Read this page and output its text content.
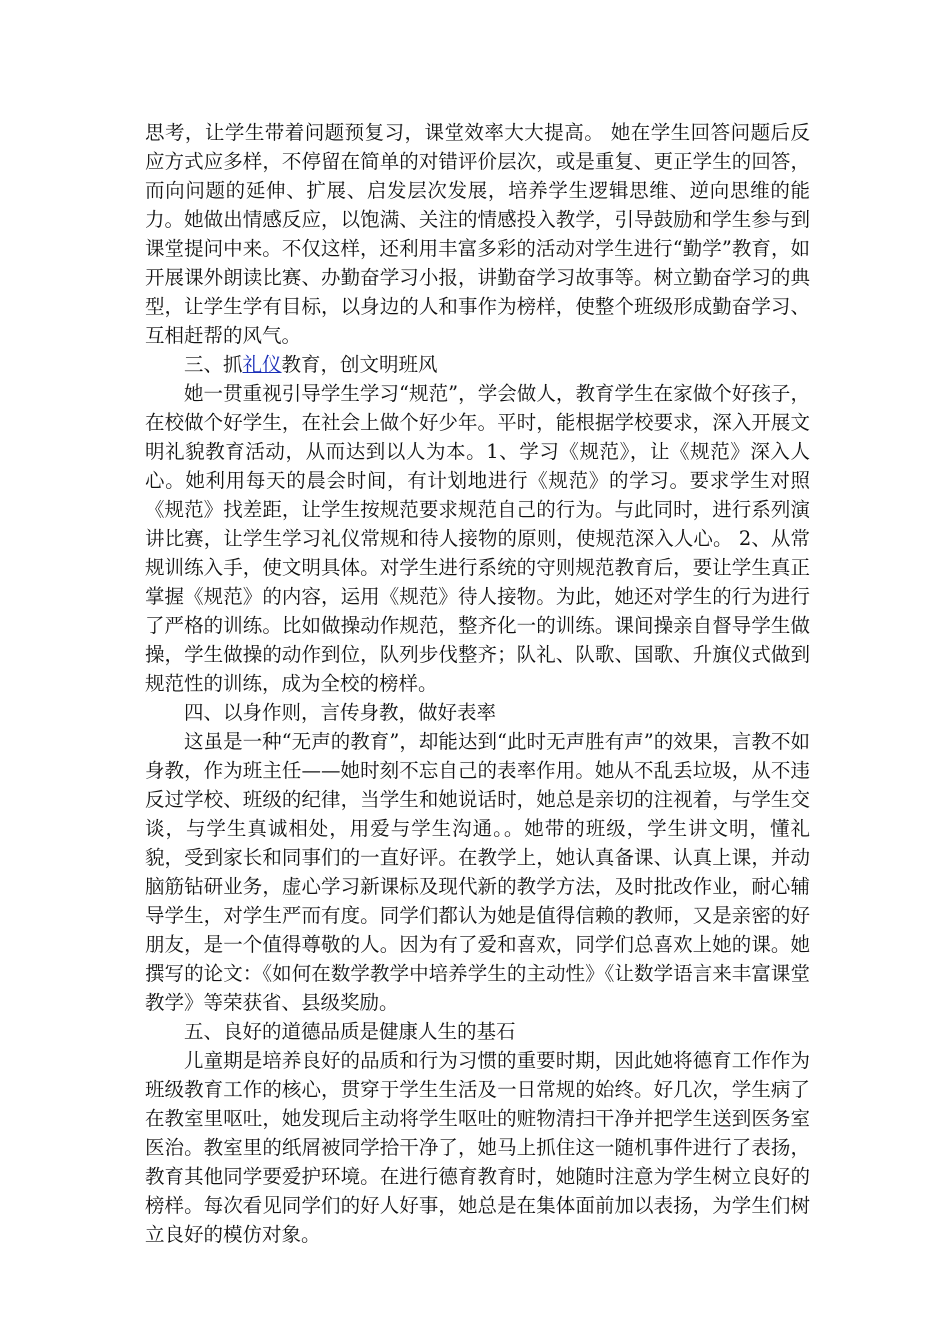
思考，让学生带着问题预复习，课堂效率大大提高。 她在学生回答问题后反应方式应多样，不停留在简单的对错评价层次，或是重复、更正学生的回答，而向问题的延伸、扩展、启发层次发展，培养学生逻辑思维、逆向思维的能力。她做出情感反应，以饱满、关注的情感投入教学，引导鼓励和学生参与到课堂提问中来。不仅这样，还利用丰富多彩的活动对学生进行“勤学”教育，如开展课外朗读比赛、办勤奋学习小报，讲勤奋学习故事等。树立勤奋学习的典型，让学生学有目标，以身边的人和事作为榜样，使整个班级形成勤奋学习、互相赶帮的风气。

三、抓礼仪教育，创文明班风

她一贯重视引导学生学习“规范”，学会做人，教育学生在家做个好孩子，在校做个好学生，在社会上做个好少年。平时，能根据学校要求，深入开展文明礼貌教育活动，从而达到以人为本。1、学习《规范》，让《规范》深入人心。她利用每天的晨会时间，有计划地进行《规范》的学习。要求学生对照《规范》找差距，让学生按规范要求规范自己的行为。与此同时，进行系列演讲比赛，让学生学习礼仪常规和待人接物的原则，使规范深入人心。 2、从常规训练入手，使文明具体。对学生进行系统的守则规范教育后，要让学生真正掌握《规范》的内容，运用《规范》待人接物。为此，她还对学生的行为进行了严格的训练。比如做操动作规范，整齐化一的训练。课间操亲自督导学生做操，学生做操的动作到位，队列步伐整齐；队礼、队歌、国歌、升旗仪式做到规范性的训练，成为全校的榜样。

四、以身作则，言传身教，做好表率

这虽是一种“无声的教育”，却能达到“此时无声胜有声”的效果，言教不如身教，作为班主任——她时刻不忘自己的表率作用。她从不乱丢垃圾，从不违反过学校、班级的纪律，当学生和她说话时，她总是亲切的注视着，与学生交谈，与学生真诚相处，用爱与学生沟通。。她带的班级，学生讲文明，懂礼貌，受到家长和同事们的一直好评。在教学上，她认真备课、认真上课，并动脑筋钻研业务，虚心学习新课标及现代新的教学方法，及时批改作业，耐心辅导学生，对学生严而有度。同学们都认为她是值得信赖的教师，又是亲密的好朋友，是一个值得尊敬的人。因为有了爱和喜欢，同学们总喜欢上她的课。她撰写的论文：《如何在数学教学中培养学生的主动性》《让数学语言来丰富课堂教学》等荣获省、县级奖励。

五、良好的道德品质是健康人生的基石

儿童期是培养良好的品质和行为习惯的重要时期，因此她将德育工作作为班级教育工作的核心，贯穿于学生生活及一日常规的始终。好几次，学生病了在教室里呕吐，她发现后主动将学生呕吐的赃物清扫干净并把学生送到医务室医治。教室里的纸屑被同学拾干净了，她马上抓住这一随机事件进行了表扬，教育其他同学要爱护环境。在进行德育教育时，她随时注意为学生树立良好的榜样。每次看见同学们的好人好事，她总是在集体面前加以表扬，为学生们树立良好的模仿对象。
